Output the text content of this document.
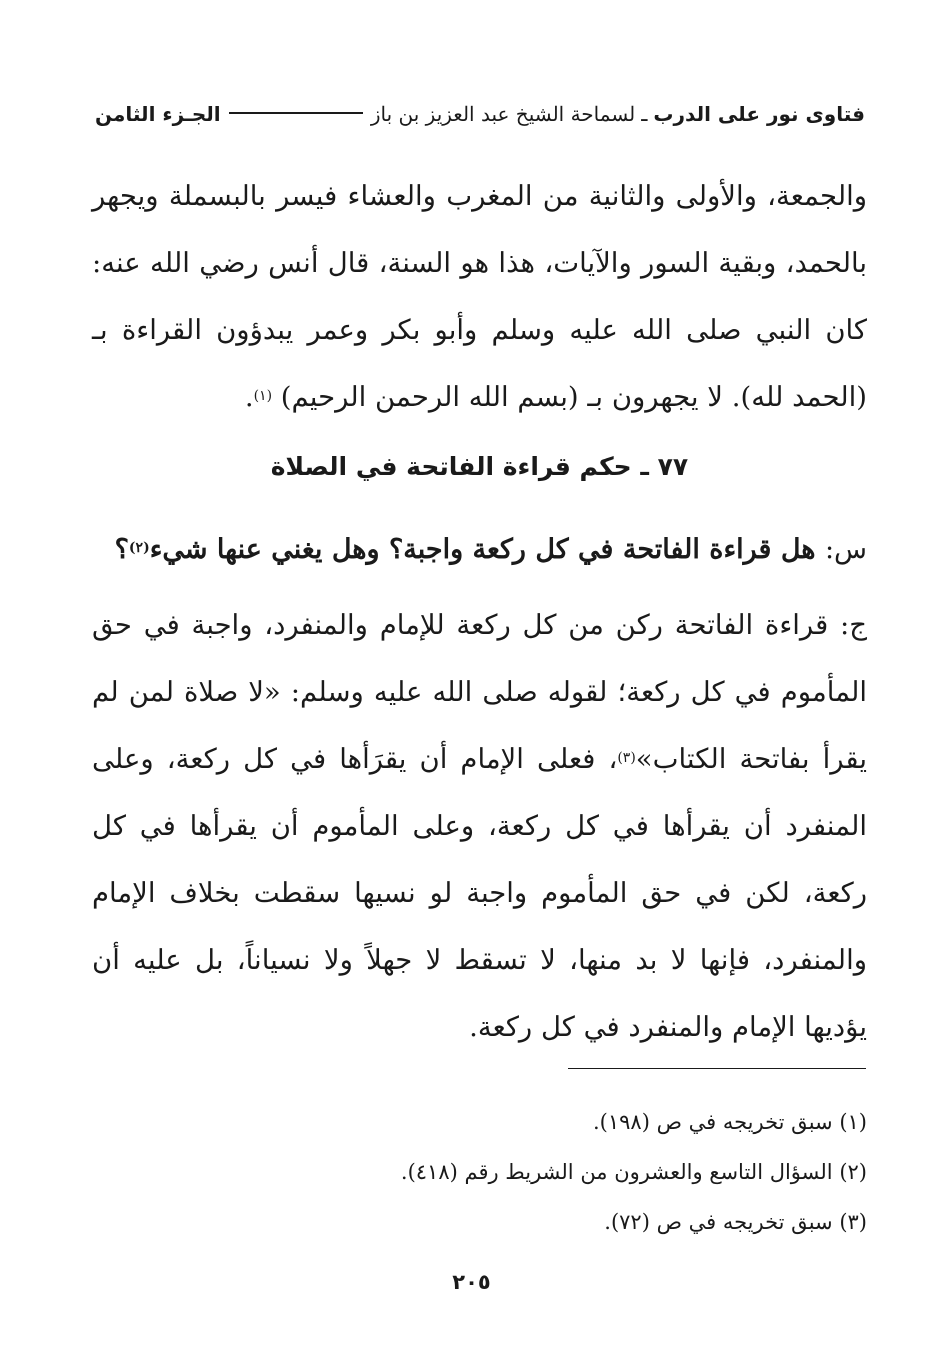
فتاوى نور على الدرب
ـ
لسماحة الشيخ عبد العزيز بن باز
الجـزء الثامن

والجمعة، والأولى والثانية من المغرب والعشاء فيسر بالبسملة ويجهر بالحمد، وبقية السور والآيات، هذا هو السنة، قال أنس رضي الله عنه: كان النبي صلى الله عليه وسلم وأبو بكر وعمر يبدؤون القراءة بـ (الحمد لله). لا يجهرون بـ (بسم الله الرحمن الرحيم) $^{(١)}$.

٧٧ ـ حكم قراءة الفاتحة في الصلاة

س: هل قراءة الفاتحة في كل ركعة واجبة؟ وهل يغني عنها شيء$^{(٢)}$؟

ج: قراءة الفاتحة ركن من كل ركعة للإمام والمنفرد، واجبة في حق المأموم في كل ركعة؛ لقوله صلى الله عليه وسلم: «لا صلاة لمن لم يقرأ بفاتحة الكتاب»$^{(٣)}$، فعلى الإمام أن يقرَأها في كل ركعة، وعلى المنفرد أن يقرأها في كل ركعة، وعلى المأموم أن يقرأها في كل ركعة، لكن في حق المأموم واجبة لو نسيها سقطت بخلاف الإمام والمنفرد، فإنها لا بد منها، لا تسقط لا جهلاً ولا نسياناً، بل عليه أن يؤديها الإمام والمنفرد في كل ركعة.

(١) سبق تخريجه في ص (١٩٨).
(٢) السؤال التاسع والعشرون من الشريط رقم (٤١٨).
(٣) سبق تخريجه في ص (٧٢).
٢٠٥
